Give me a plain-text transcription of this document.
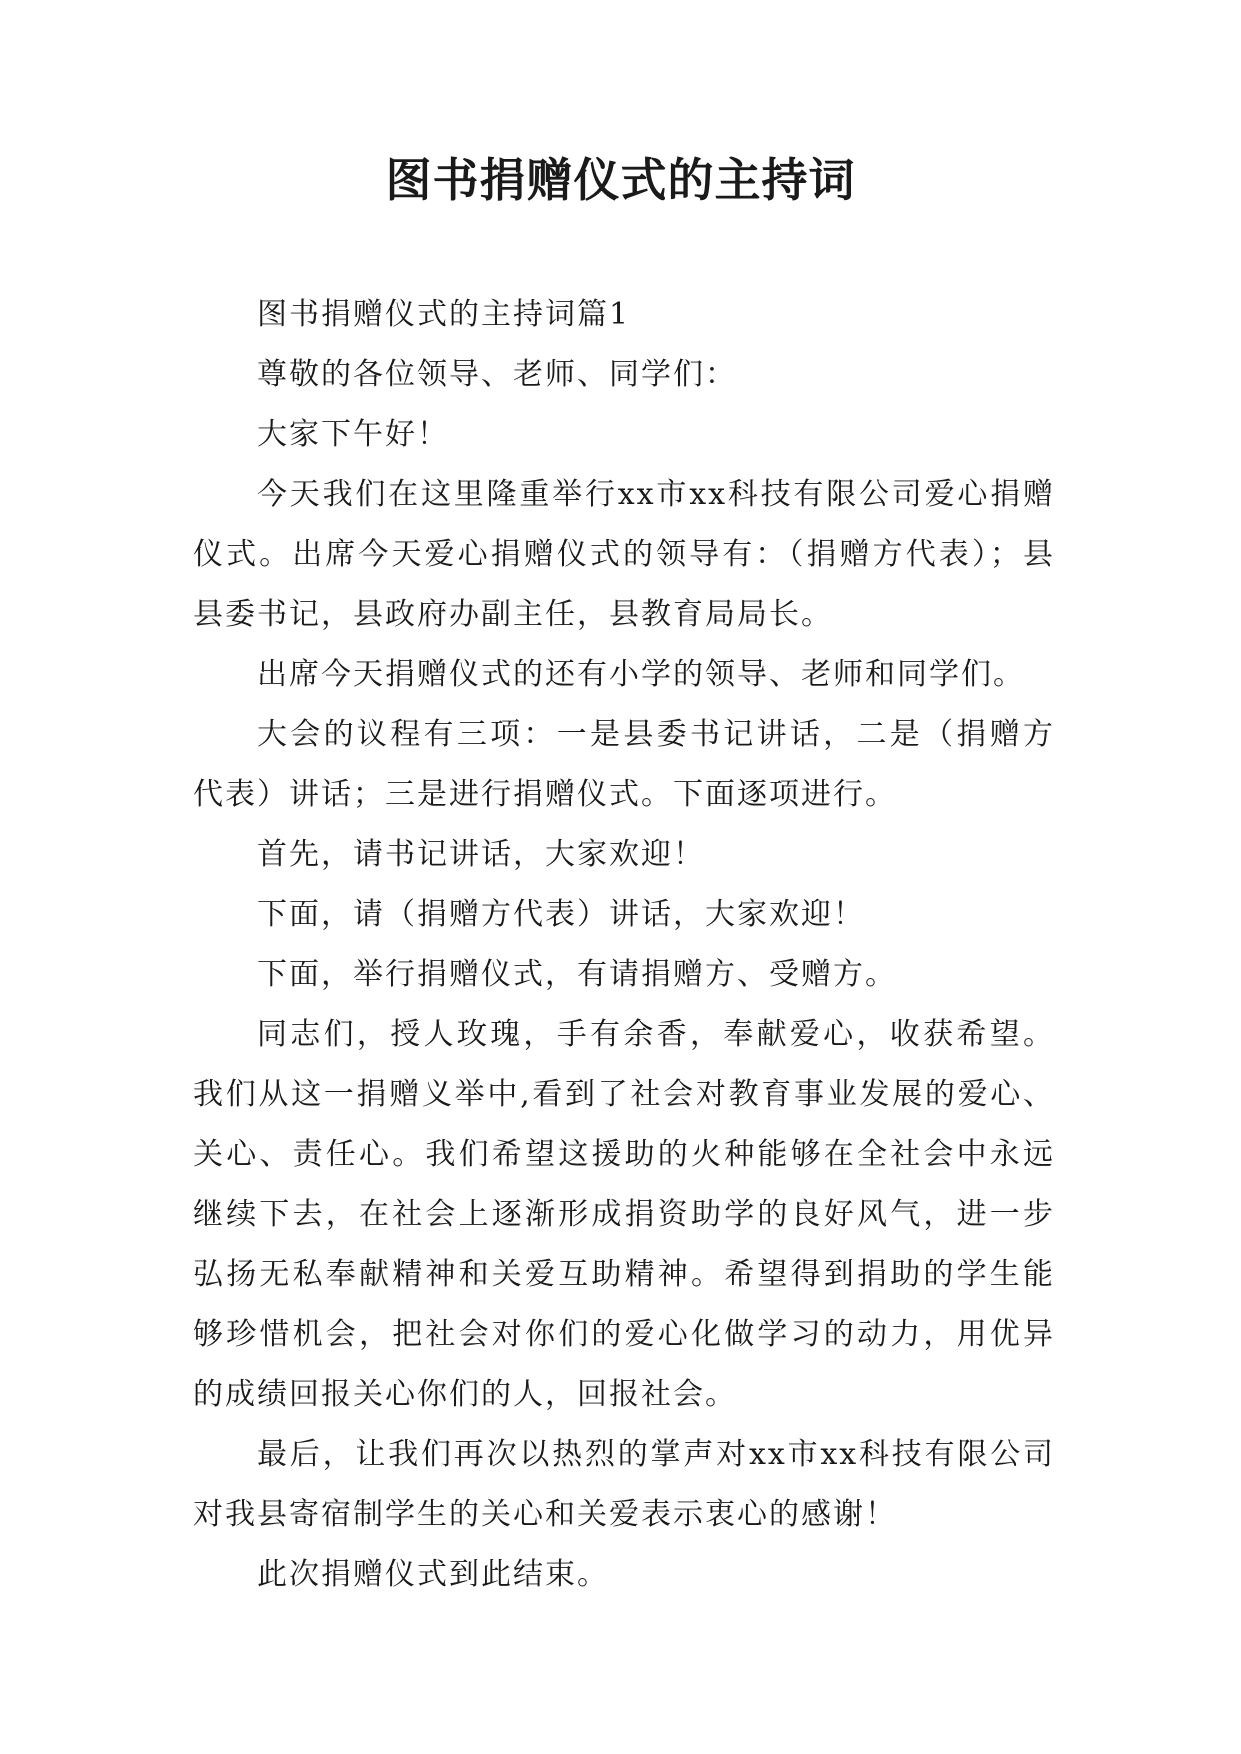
图书捐赠仪式的主持词

图书捐赠仪式的主持词篇1

尊敬的各位领导、老师、同学们：

大家下午好！

今天我们在这里隆重举行xx市xx科技有限公司爱心捐赠仪式。出席今天爱心捐赠仪式的领导有：（捐赠方代表）；县县委书记，县政府办副主任，县教育局局长。

出席今天捐赠仪式的还有小学的领导、老师和同学们。

大会的议程有三项：一是县委书记讲话，二是（捐赠方代表）讲话；三是进行捐赠仪式。下面逐项进行。

首先，请书记讲话，大家欢迎！

下面，请（捐赠方代表）讲话，大家欢迎！

下面，举行捐赠仪式，有请捐赠方、受赠方。

同志们，授人玫瑰，手有余香，奉献爱心，收获希望。我们从这一捐赠义举中,看到了社会对教育事业发展的爱心、关心、责任心。我们希望这援助的火种能够在全社会中永远继续下去，在社会上逐渐形成捐资助学的良好风气，进一步弘扬无私奉献精神和关爱互助精神。希望得到捐助的学生能够珍惜机会，把社会对你们的爱心化做学习的动力，用优异的成绩回报关心你们的人，回报社会。

最后，让我们再次以热烈的掌声对xx市xx科技有限公司对我县寄宿制学生的关心和关爱表示衷心的感谢！

此次捐赠仪式到此结束。
